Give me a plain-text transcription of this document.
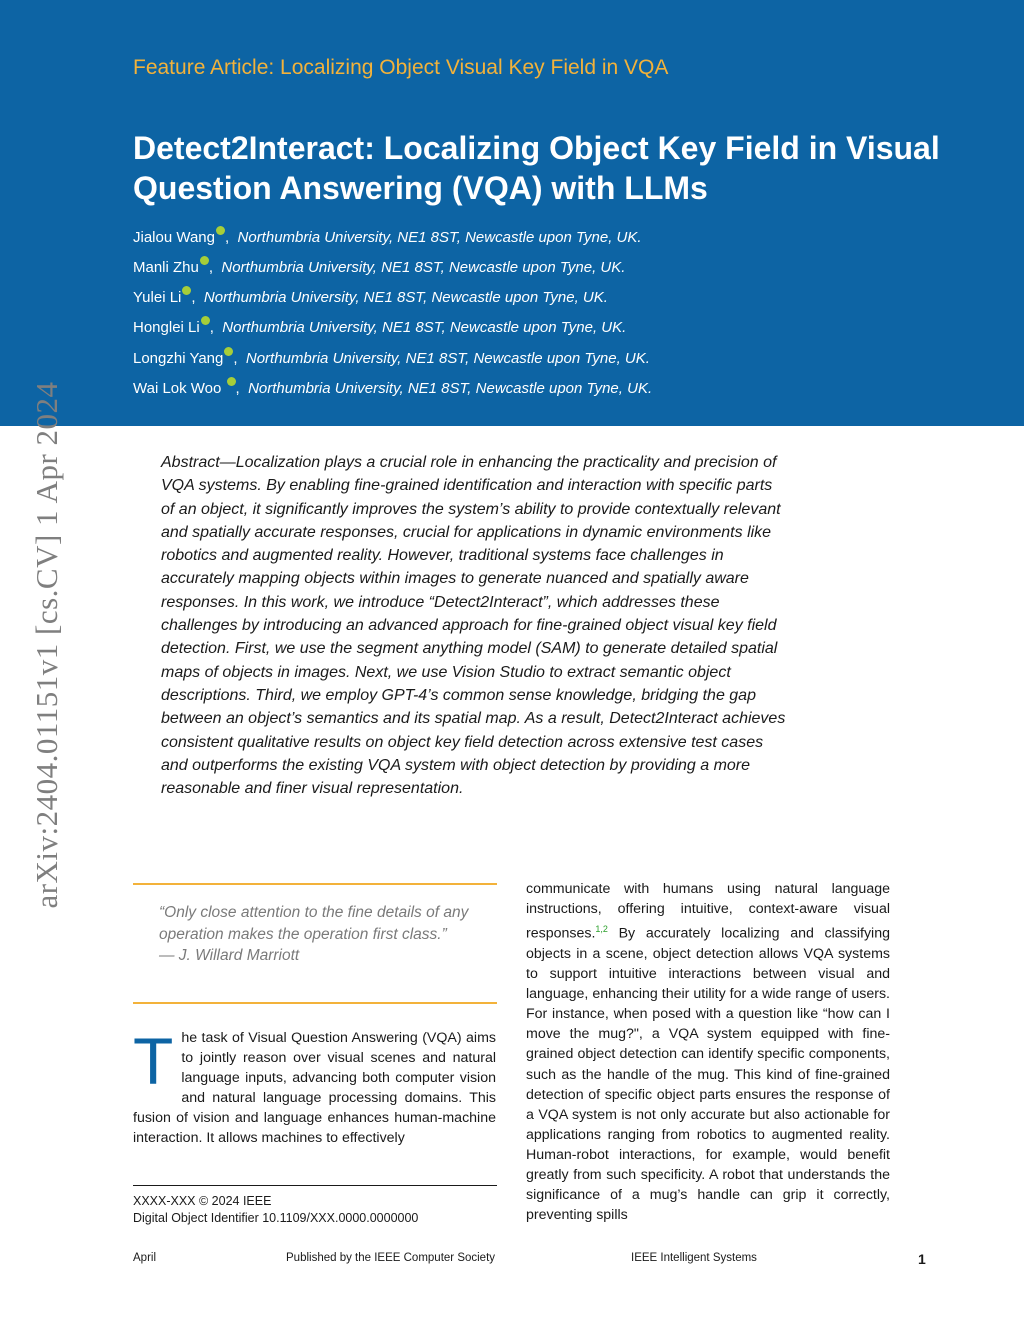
Feature Article: Localizing Object Visual Key Field in VQA
Detect2Interact: Localizing Object Key Field in Visual Question Answering (VQA) with LLMs
Jialou Wang , Northumbria University, NE1 8ST, Newcastle upon Tyne, UK.
Manli Zhu , Northumbria University, NE1 8ST, Newcastle upon Tyne, UK.
Yulei Li , Northumbria University, NE1 8ST, Newcastle upon Tyne, UK.
Honglei Li , Northumbria University, NE1 8ST, Newcastle upon Tyne, UK.
Longzhi Yang , Northumbria University, NE1 8ST, Newcastle upon Tyne, UK.
Wai Lok Woo , Northumbria University, NE1 8ST, Newcastle upon Tyne, UK.
arXiv:2404.01151v1 [cs.CV] 1 Apr 2024	Abstract—Localization plays a crucial role in enhancing the practicality and precision of VQA systems. By enabling fine-grained identification and interaction with specific parts of an object, it significantly improves the system’s ability to provide contextually relevant and spatially accurate responses, crucial for applications in dynamic environments like robotics and augmented reality. However, traditional systems face challenges in accurately mapping objects within images to generate nuanced and spatially aware responses. In this work, we introduce “Detect2Interact”, which addresses these challenges by introducing an advanced approach for fine-grained object visual key field detection. First, we use the segment anything model (SAM) to generate detailed spatial maps of objects in images. Next, we use Vision Studio to extract semantic object descriptions. Third, we employ GPT-4’s common sense knowledge, bridging the gap between an object’s semantics and its spatial map. As a result, Detect2Interact achieves consistent qualitative results on object key field detection across extensive test cases and outperforms the existing VQA system with object detection by providing a more reasonable and finer visual representation.

“Only close attention to the fine details of any operation makes the operation first class.”
— J. Willard Marriott

The task of Visual Question Answering (VQA) aims to jointly reason over visual scenes and natural language inputs, advancing both computer vision and natural language processing domains. This fusion of vision and language enhances human-machine interaction. It allows machines to effectively

communicate with humans using natural language instructions, offering intuitive, context-aware visual responses.$^{1,2}$ By accurately localizing and classifying objects in a scene, object detection allows VQA systems to support intuitive interactions between visual and language, enhancing their utility for a wide range of users. For instance, when posed with a question like “how can I move the mug?", a VQA system equipped with fine-grained object detection can identify specific components, such as the handle of the mug. This kind of fine-grained detection of specific object parts ensures the response of a VQA system is not only accurate but also actionable for applications ranging from robotics to augmented reality. Human-robot interactions, for example, would benefit greatly from such specificity. A robot that understands the significance of a mug’s handle can grip it correctly, preventing spills

XXXX-XXX © 2024 IEEE
Digital Object Identifier 10.1109/XXX.0000.0000000
April	Published by the IEEE Computer Society	IEEE Intelligent Systems	1
